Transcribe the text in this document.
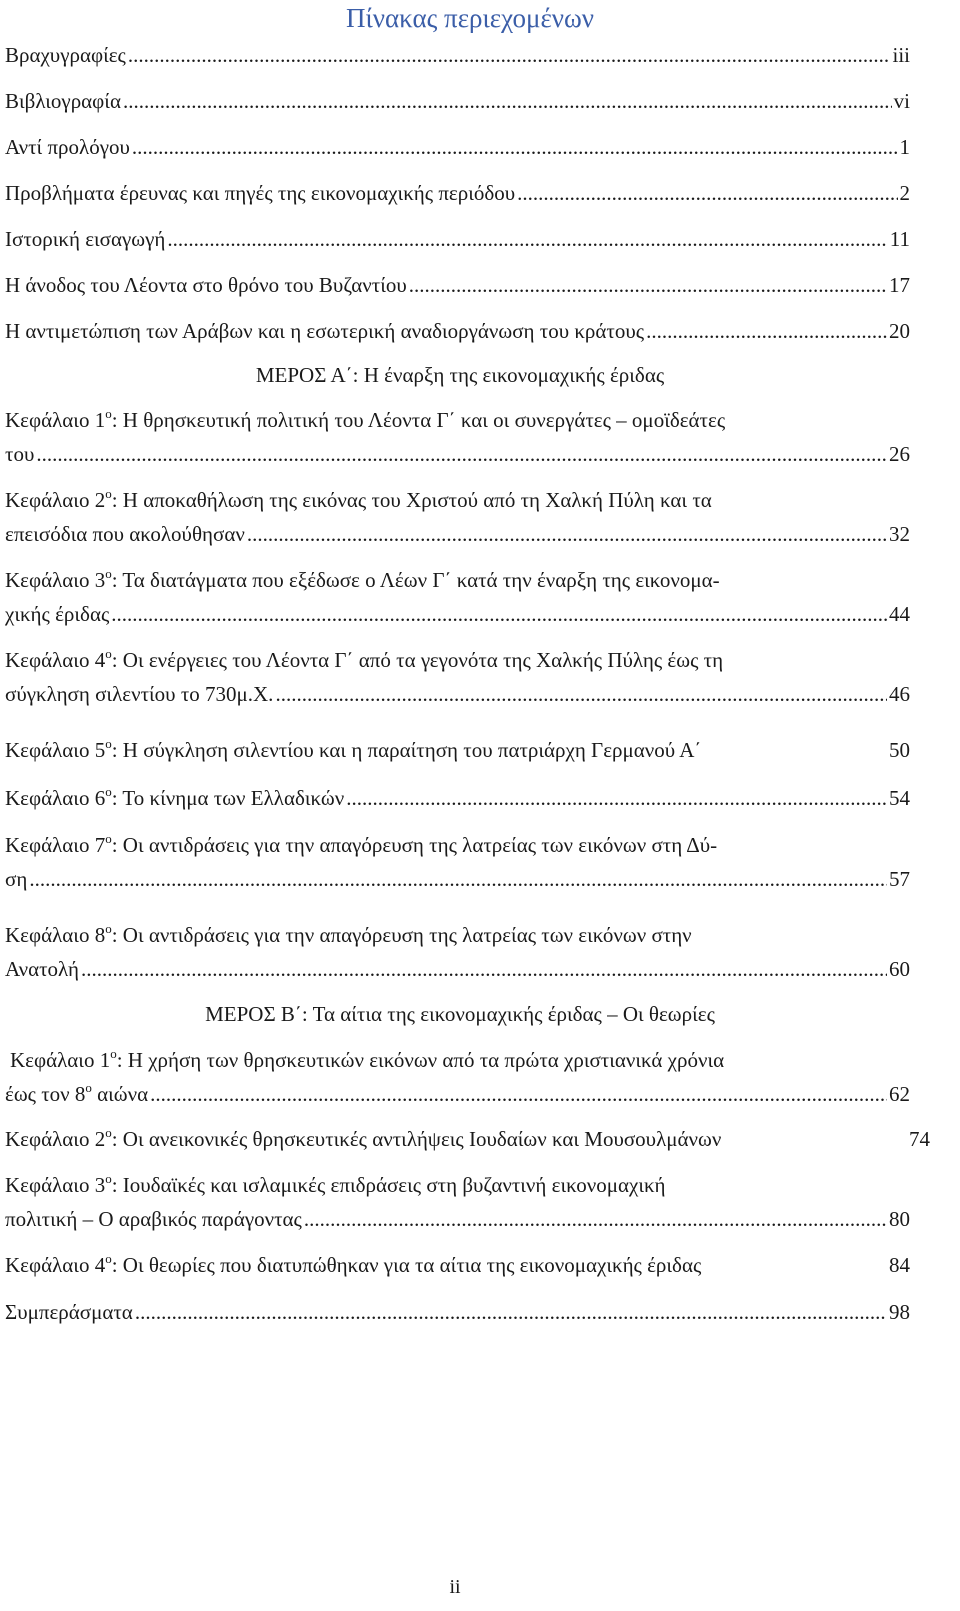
Πίνακας περιεχομένων
Βραχυγραφίες .....	iii
Βιβλιογραφία .....	vi
Αντί προλόγου .....	1
Προβλήματα έρευνας και πηγές της εικονομαχικής περιόδου .....	2
Ιστορική εισαγωγή .....	11
Η άνοδος του Λέοντα στο θρόνο του Βυζαντίου .....	17
Η αντιμετώπιση των Αράβων και η εσωτερική αναδιοργάνωση του κράτους .....	20
ΜΕΡΟΣ Α΄: Η έναρξη της εικονομαχικής έριδας
Κεφάλαιο $1^o$: Η θρησκευτική πολιτική του Λέοντα Γ΄ και οι συνεργάτες – ομοϊδεάτες
του .....	26
Κεφάλαιο $2^o$: Η αποκαθήλωση της εικόνας του Χριστού από τη Χαλκή Πύλη και τα
επεισόδια που ακολούθησαν .....	32
Κεφάλαιο $3^o$: Τα διατάγματα που εξέδωσε ο Λέων Γ΄ κατά την έναρξη της εικονομα-
χικής έριδας .....	44
Κεφάλαιο $4^o$: Οι ενέργειες του Λέοντα Γ΄ από τα γεγονότα της Χαλκής Πύλης έως τη
σύγκληση σιλεντίου το 730μ.Χ. .....	46
Κεφάλαιο $5^o$: Η σύγκληση σιλεντίου και η παραίτηση του πατριάρχη Γερμανού Α΄	50
Κεφάλαιο $6^o$: Το κίνημα των Ελλαδικών .....	54
Κεφάλαιο $7^o$: Οι αντιδράσεις για την απαγόρευση της λατρείας των εικόνων στη Δύ-
ση .....	57
Κεφάλαιο $8^o$: Οι αντιδράσεις για την απαγόρευση της λατρείας των εικόνων στην
Ανατολή .....	60
ΜΕΡΟΣ Β΄: Τα αίτια της εικονομαχικής έριδας – Οι θεωρίες
Κεφάλαιο $1^o$: Η χρήση των θρησκευτικών εικόνων από τα πρώτα χριστιανικά χρόνια
έως τον $8^o$ αιώνα .....	62
Κεφάλαιο $2^o$: Οι ανεικονικές θρησκευτικές αντιλήψεις Ιουδαίων και Μουσουλμάνων	74
Κεφάλαιο $3^o$: Ιουδαϊκές και ισλαμικές επιδράσεις στη βυζαντινή εικονομαχική
πολιτική – Ο αραβικός παράγοντας .....	80
Κεφάλαιο $4^o$: Οι θεωρίες που διατυπώθηκαν για τα αίτια της εικονομαχικής έριδας	84
Συμπεράσματα .....	98
ii
